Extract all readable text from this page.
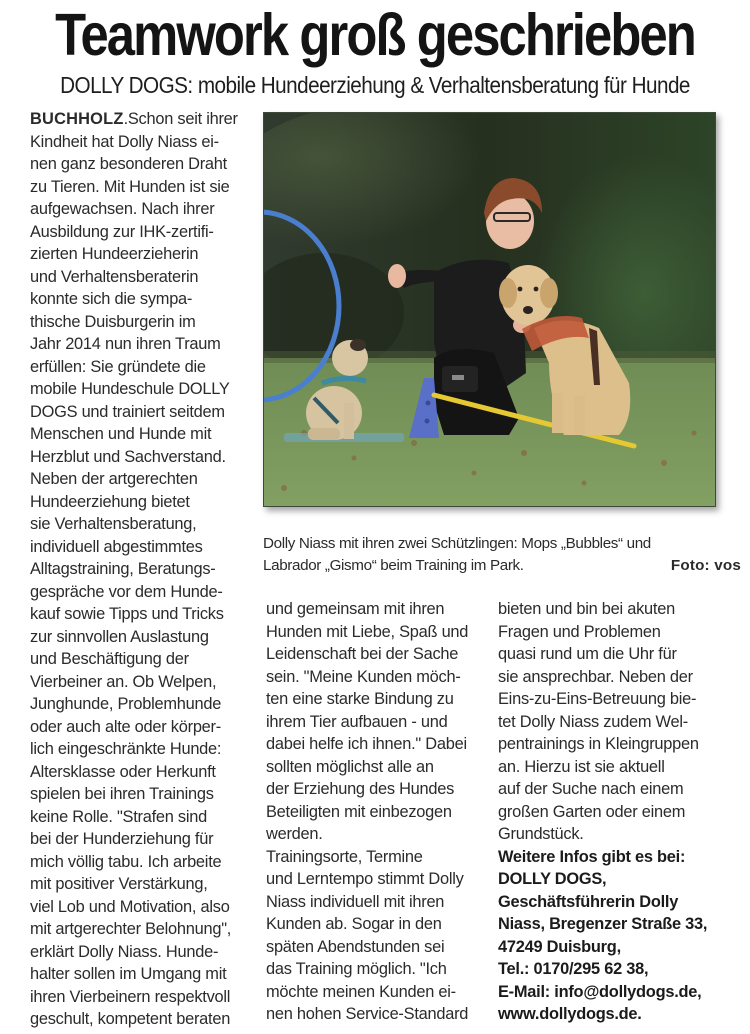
Teamwork groß geschrieben
DOLLY DOGS: mobile Hundeerziehung & Verhaltensberatung für Hunde
BUCHHOLZ.Schon seit ihrer
Kindheit hat Dolly Niass ei-
nen ganz besonderen Draht
zu Tieren. Mit Hunden ist sie
aufgewachsen. Nach ihrer
Ausbildung zur IHK-zertifi-
zierten Hundeerzieherin
und Verhaltensberaterin
konnte sich die sympa-
thische Duisburgerin im
Jahr 2014 nun ihren Traum
erfüllen: Sie gründete die
mobile Hundeschule DOLLY
DOGS und trainiert seitdem
Menschen und Hunde mit
Herzblut und Sachverstand.
Neben der artgerechten
Hundeerziehung bietet
sie Verhaltensberatung,
individuell abgestimmtes
Alltagstraining, Beratungs-
gespräche vor dem Hunde-
kauf sowie Tipps und Tricks
zur sinnvollen Auslastung
und Beschäftigung der
Vierbeiner an. Ob Welpen,
Junghunde, Problemhunde
oder auch alte oder körper-
lich eingeschränkte Hunde:
Altersklasse oder Herkunft
spielen bei ihren Trainings
keine Rolle. "Strafen sind
bei der Hunderziehung für
mich völlig tabu. Ich arbeite
mit positiver Verstärkung,
viel Lob und Motivation, also
mit artgerechter Belohnung",
erklärt Dolly Niass. Hunde-
halter sollen im Umgang mit
ihren Vierbeinern respektvoll
geschult, kompetent beraten
Dolly Niass mit ihren zwei Schützlingen: Mops „Bubbles“ und
Labrador „Gismo“ beim Training im Park.	Foto: vos
und gemeinsam mit ihren
Hunden mit Liebe, Spaß und
Leidenschaft bei der Sache
sein. "Meine Kunden möch-
ten eine starke Bindung zu
ihrem Tier aufbauen - und
dabei helfe ich ihnen." Dabei
sollten möglichst alle an
der Erziehung des Hundes
Beteiligten mit einbezogen
werden.
Trainingsorte, Termine
und Lerntempo stimmt Dolly
Niass individuell mit ihren
Kunden ab. Sogar in den
späten Abendstunden sei
das Training möglich. "Ich
möchte meinen Kunden ei-
nen hohen Service-Standard
bieten und bin bei akuten
Fragen und Problemen
quasi rund um die Uhr für
sie ansprechbar. Neben der
Eins-zu-Eins-Betreuung bie-
tet Dolly Niass zudem Wel-
pentrainings in Kleingruppen
an. Hierzu ist sie aktuell
auf der Suche nach einem
großen Garten oder einem
Grundstück.
Weitere Infos gibt es bei:
DOLLY DOGS,
Geschäftsführerin Dolly
Niass, Bregenzer Straße 33,
47249 Duisburg,
Tel.: 0170/295 62 38,
E-Mail: info@dollydogs.de,
www.dollydogs.de.
